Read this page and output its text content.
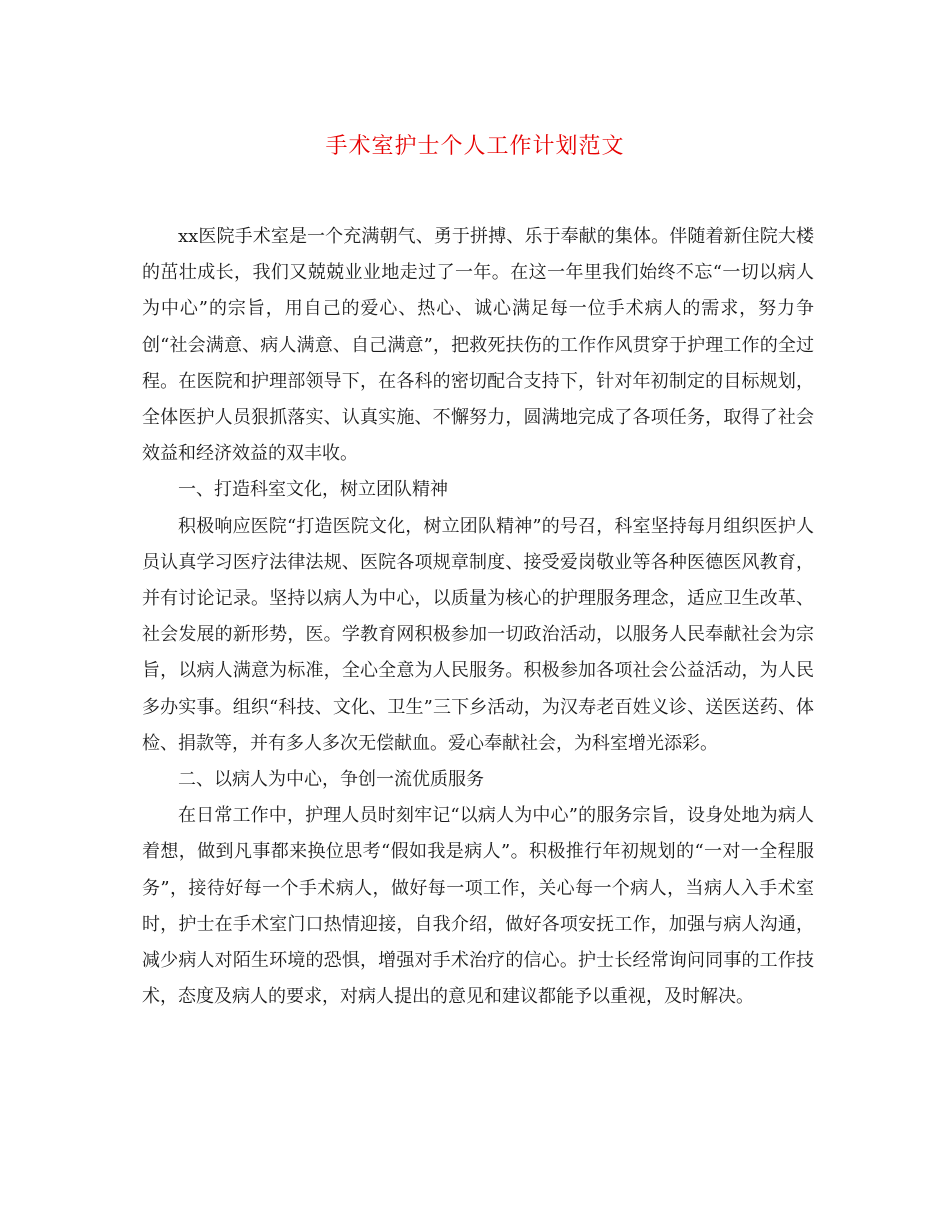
手术室护士个人工作计划范文

xx医院手术室是一个充满朝气、勇于拼搏、乐于奉献的集体。伴随着新住院大楼的茁壮成长，我们又兢兢业业地走过了一年。在这一年里我们始终不忘“一切以病人为中心”的宗旨，用自己的爱心、热心、诚心满足每一位手术病人的需求，努力争创“社会满意、病人满意、自己满意”，把救死扶伤的工作作风贯穿于护理工作的全过程。在医院和护理部领导下，在各科的密切配合支持下，针对年初制定的目标规划，全体医护人员狠抓落实、认真实施、不懈努力，圆满地完成了各项任务，取得了社会效益和经济效益的双丰收。

一、打造科室文化，树立团队精神

积极响应医院“打造医院文化，树立团队精神”的号召，科室坚持每月组织医护人员认真学习医疗法律法规、医院各项规章制度、接受爱岗敬业等各种医德医风教育，并有讨论记录。坚持以病人为中心，以质量为核心的护理服务理念，适应卫生改革、社会发展的新形势，医。学教育网积极参加一切政治活动，以服务人民奉献社会为宗旨，以病人满意为标准，全心全意为人民服务。积极参加各项社会公益活动，为人民多办实事。组织“科技、文化、卫生”三下乡活动，为汉寿老百姓义诊、送医送药、体检、捐款等，并有多人多次无偿献血。爱心奉献社会，为科室增光添彩。

二、以病人为中心，争创一流优质服务

在日常工作中，护理人员时刻牢记“以病人为中心”的服务宗旨，设身处地为病人着想，做到凡事都来换位思考“假如我是病人”。积极推行年初规划的“一对一全程服务”，接待好每一个手术病人，做好每一项工作，关心每一个病人，当病人入手术室时，护士在手术室门口热情迎接，自我介绍，做好各项安抚工作，加强与病人沟通，减少病人对陌生环境的恐惧，增强对手术治疗的信心。护士长经常询问同事的工作技术，态度及病人的要求，对病人提出的意见和建议都能予以重视，及时解决。
